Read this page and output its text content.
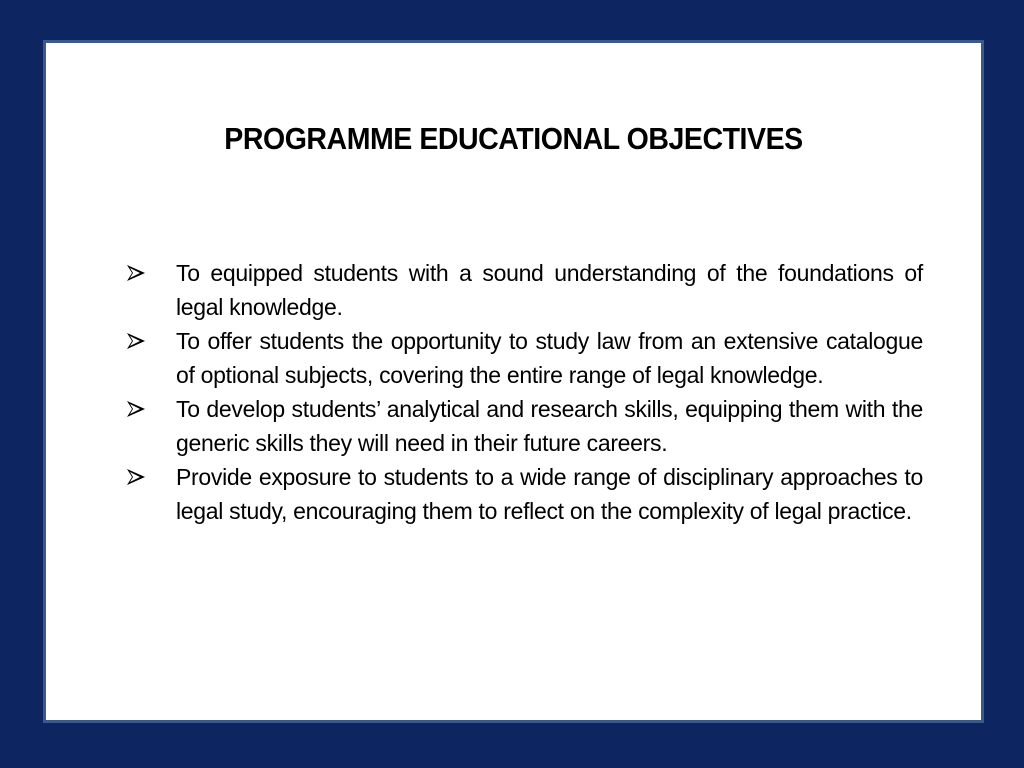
PROGRAMME EDUCATIONAL OBJECTIVES
To equipped students with a sound understanding of the foundations of legal knowledge.
To offer students the opportunity to study law from an extensive catalogue of optional subjects, covering the entire range of legal knowledge.
To develop students’ analytical and research skills, equipping them with the generic skills they will need in their future careers.
Provide exposure to students to a wide range of disciplinary approaches to legal study, encouraging them to reflect on the complexity of legal practice.
